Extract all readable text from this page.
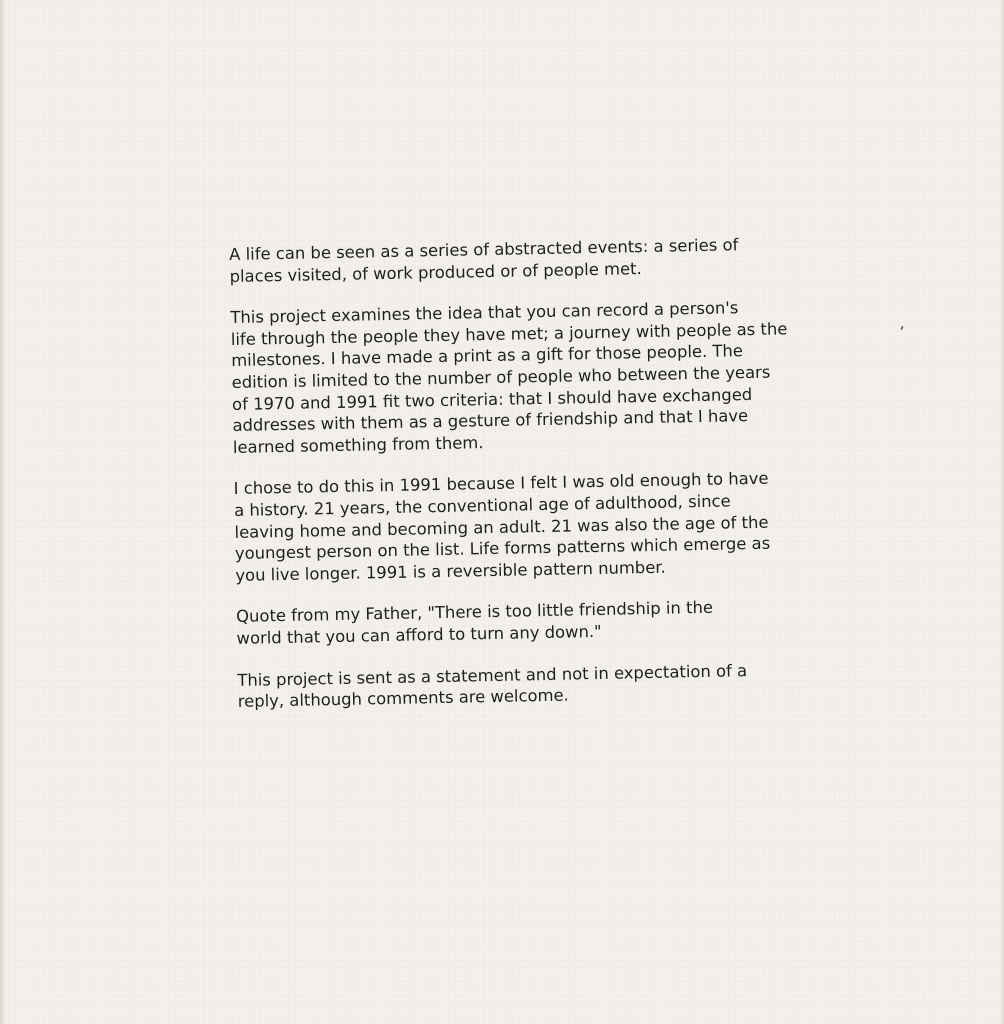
A life can be seen as a series of abstracted events: a series of
places visited, of work produced or of people met.

This project examines the idea that you can record a person's
life through the people they have met; a journey with people as the
milestones. I have made a print as a gift for those people. The
edition is limited to the number of people who between the years
of 1970 and 1991 fit two criteria: that I should have exchanged
addresses with them as a gesture of friendship and that I have
learned something from them.

I chose to do this in 1991 because I felt I was old enough to have
a history. 21 years, the conventional age of adulthood, since
leaving home and becoming an adult. 21 was also the age of the
youngest person on the list. Life forms patterns which emerge as
you live longer. 1991 is a reversible pattern number.

Quote from my Father, "There is too little friendship in the
world that you can afford to turn any down."

This project is sent as a statement and not in expectation of a
reply, although comments are welcome.
